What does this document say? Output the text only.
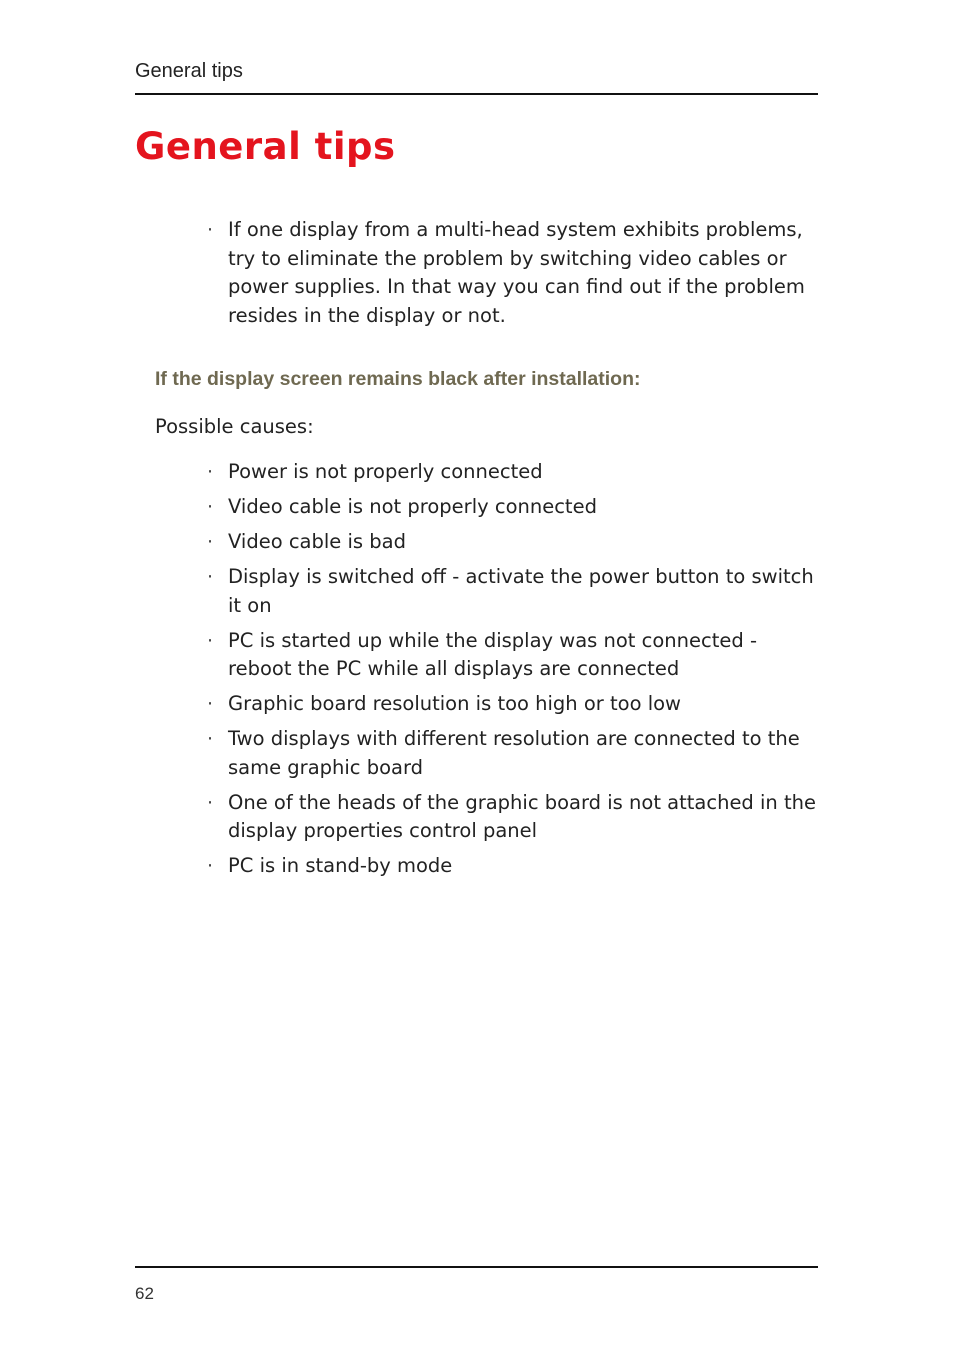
General tips
General tips
· If one display from a multi-head system exhibits problems, try to eliminate the problem by switching video cables or power supplies. In that way you can find out if the problem resides in the display or not.
If the display screen remains black after installation:

Possible causes:

· Power is not properly connected
· Video cable is not properly connected
· Video cable is bad
· Display is switched off - activate the power button to switch it on
· PC is started up while the display was not connected - reboot the PC while all displays are connected
· Graphic board resolution is too high or too low
· Two displays with different resolution are connected to the same graphic board
· One of the heads of the graphic board is not attached in the display properties control panel
· PC is in stand-by mode
62
